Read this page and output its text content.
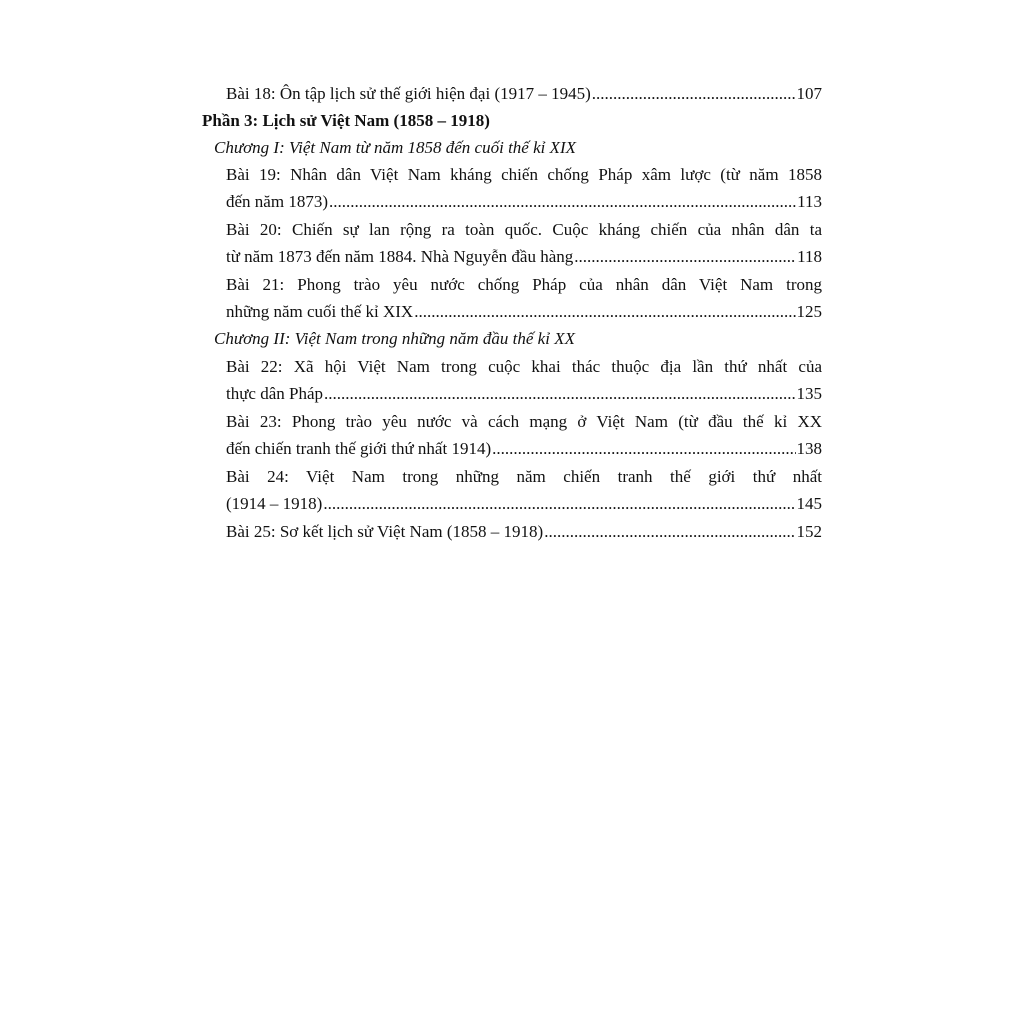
Bài 18: Ôn tập lịch sử thế giới hiện đại (1917 – 1945) .....	107
Phần 3: Lịch sử Việt Nam (1858 – 1918)
Chương I: Việt Nam từ năm 1858 đến cuối thế kỉ XIX
Bài 19: Nhân dân Việt Nam kháng chiến chống Pháp xâm lược (từ năm 1858
đến năm 1873) .....	113
Bài 20: Chiến sự lan rộng ra toàn quốc. Cuộc kháng chiến của nhân dân ta
từ năm 1873 đến năm 1884. Nhà Nguyễn đầu hàng .....	118
Bài 21: Phong trào yêu nước chống Pháp của nhân dân Việt Nam trong
những năm cuối thế kỉ XIX .....	125
Chương II: Việt Nam trong những năm đầu thế kỉ XX
Bài 22: Xã hội Việt Nam trong cuộc khai thác thuộc địa lần thứ nhất của
thực dân Pháp .....	135
Bài 23: Phong trào yêu nước và cách mạng ở Việt Nam (từ đầu thế kỉ XX
đến chiến tranh thế giới thứ nhất 1914) .....	138
Bài 24: Việt Nam trong những năm chiến tranh thế giới thứ nhất
(1914 – 1918) .....	145
Bài 25: Sơ kết lịch sử Việt Nam (1858 – 1918) .....	152
